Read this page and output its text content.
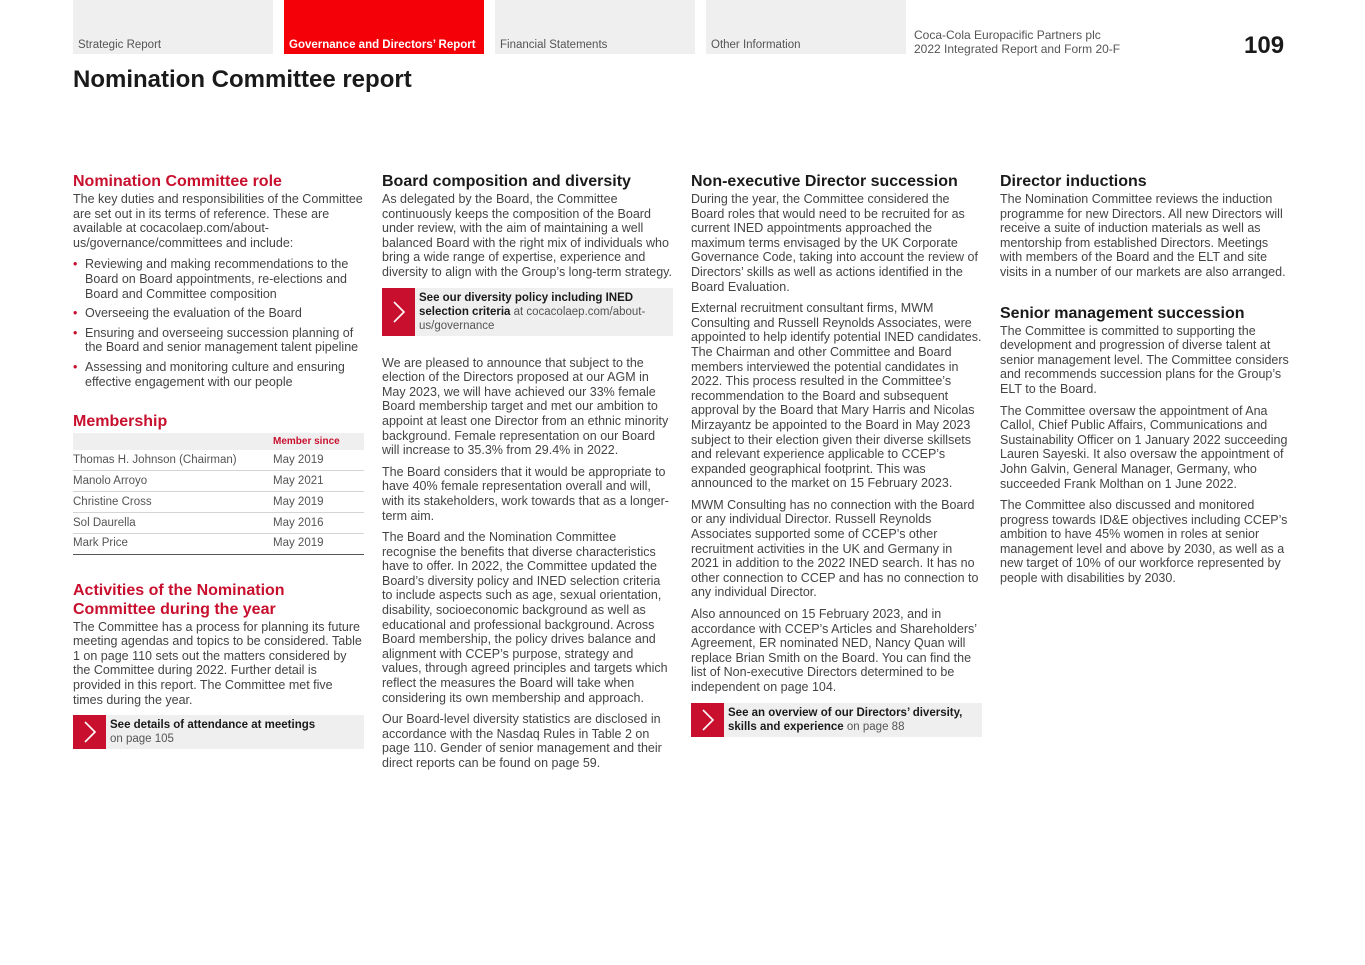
Strategic Report	Governance and Directors’ Report Financial Statements	Other Information
Coca-Cola Europacific Partners plc
2022 Integrated Report and Form 20-F	109
Nomination Committee report
Nomination Committee role

The key duties and responsibilities of the Committee are set out in its terms of reference. These are available at cocacolaep.com/about-us/governance/committees and include:

• Reviewing and making recommendations to the Board on Board appointments, re-elections and Board and Committee composition
• Overseeing the evaluation of the Board
• Ensuring and overseeing succession planning of the Board and senior management talent pipeline
• Assessing and monitoring culture and ensuring effective engagement with our people
Membership
	Member since
Thomas H. Johnson (Chairman)	May 2019
Manolo Arroyo	May 2021
Christine Cross	May 2019
Sol Daurella	May 2016
Mark Price	May 2019
Activities of the Nomination Committee during the year

The Committee has a process for planning its future meeting agendas and topics to be considered. Table 1 on page 110 sets out the matters considered by the Committee during 2022. Further detail is provided in this report. The Committee met five times during the year.

See details of attendance at meetings
on page 105
Board composition and diversity

As delegated by the Board, the Committee continuously keeps the composition of the Board under review, with the aim of maintaining a well balanced Board with the right mix of individuals who bring a wide range of expertise, experience and diversity to align with the Group’s long-term strategy.

See our diversity policy including INED selection criteria at cocacolaep.com/about-us/governance

We are pleased to announce that subject to the election of the Directors proposed at our AGM in May 2023, we will have achieved our 33% female Board membership target and met our ambition to appoint at least one Director from an ethnic minority background. Female representation on our Board will increase to 35.3% from 29.4% in 2022.

The Board considers that it would be appropriate to have 40% female representation overall and will, with its stakeholders, work towards that as a longer-term aim.

The Board and the Nomination Committee recognise the benefits that diverse characteristics have to offer. In 2022, the Committee updated the Board’s diversity policy and INED selection criteria to include aspects such as age, sexual orientation, disability, socioeconomic background as well as educational and professional background. Across Board membership, the policy drives balance and alignment with CCEP’s purpose, strategy and values, through agreed principles and targets which reflect the measures the Board will take when considering its own membership and approach.

Our Board-level diversity statistics are disclosed in accordance with the Nasdaq Rules in Table 2 on page 110. Gender of senior management and their direct reports can be found on page 59.

Non-executive Director succession

During the year, the Committee considered the Board roles that would need to be recruited for as current INED appointments approached the maximum terms envisaged by the UK Corporate Governance Code, taking into account the review of Directors’ skills as well as actions identified in the Board Evaluation.

External recruitment consultant firms, MWM Consulting and Russell Reynolds Associates, were appointed to help identify potential INED candidates. The Chairman and other Committee and Board members interviewed the potential candidates in 2022. This process resulted in the Committee’s recommendation to the Board and subsequent approval by the Board that Mary Harris and Nicolas Mirzayantz be appointed to the Board in May 2023 subject to their election given their diverse skillsets and relevant experience applicable to CCEP’s expanded geographical footprint. This was announced to the market on 15 February 2023.

MWM Consulting has no connection with the Board or any individual Director. Russell Reynolds Associates supported some of CCEP’s other recruitment activities in the UK and Germany in 2021 in addition to the 2022 INED search. It has no other connection to CCEP and has no connection to any individual Director.

Also announced on 15 February 2023, and in accordance with CCEP’s Articles and Shareholders’ Agreement, ER nominated NED, Nancy Quan will replace Brian Smith on the Board. You can find the list of Non-executive Directors determined to be independent on page 104.

See an overview of our Directors’ diversity, skills and experience on page 88
Director inductions

The Nomination Committee reviews the induction programme for new Directors. All new Directors will receive a suite of induction materials as well as mentorship from established Directors. Meetings with members of the Board and the ELT and site visits in a number of our markets are also arranged.

Senior management succession

The Committee is committed to supporting the development and progression of diverse talent at senior management level. The Committee considers and recommends succession plans for the Group’s ELT to the Board.

The Committee oversaw the appointment of Ana Callol, Chief Public Affairs, Communications and Sustainability Officer on 1 January 2022 succeeding Lauren Sayeski. It also oversaw the appointment of John Galvin, General Manager, Germany, who succeeded Frank Molthan on 1 June 2022.

The Committee also discussed and monitored progress towards ID&E objectives including CCEP’s ambition to have 45% women in roles at senior management level and above by 2030, as well as a new target of 10% of our workforce represented by people with disabilities by 2030.
